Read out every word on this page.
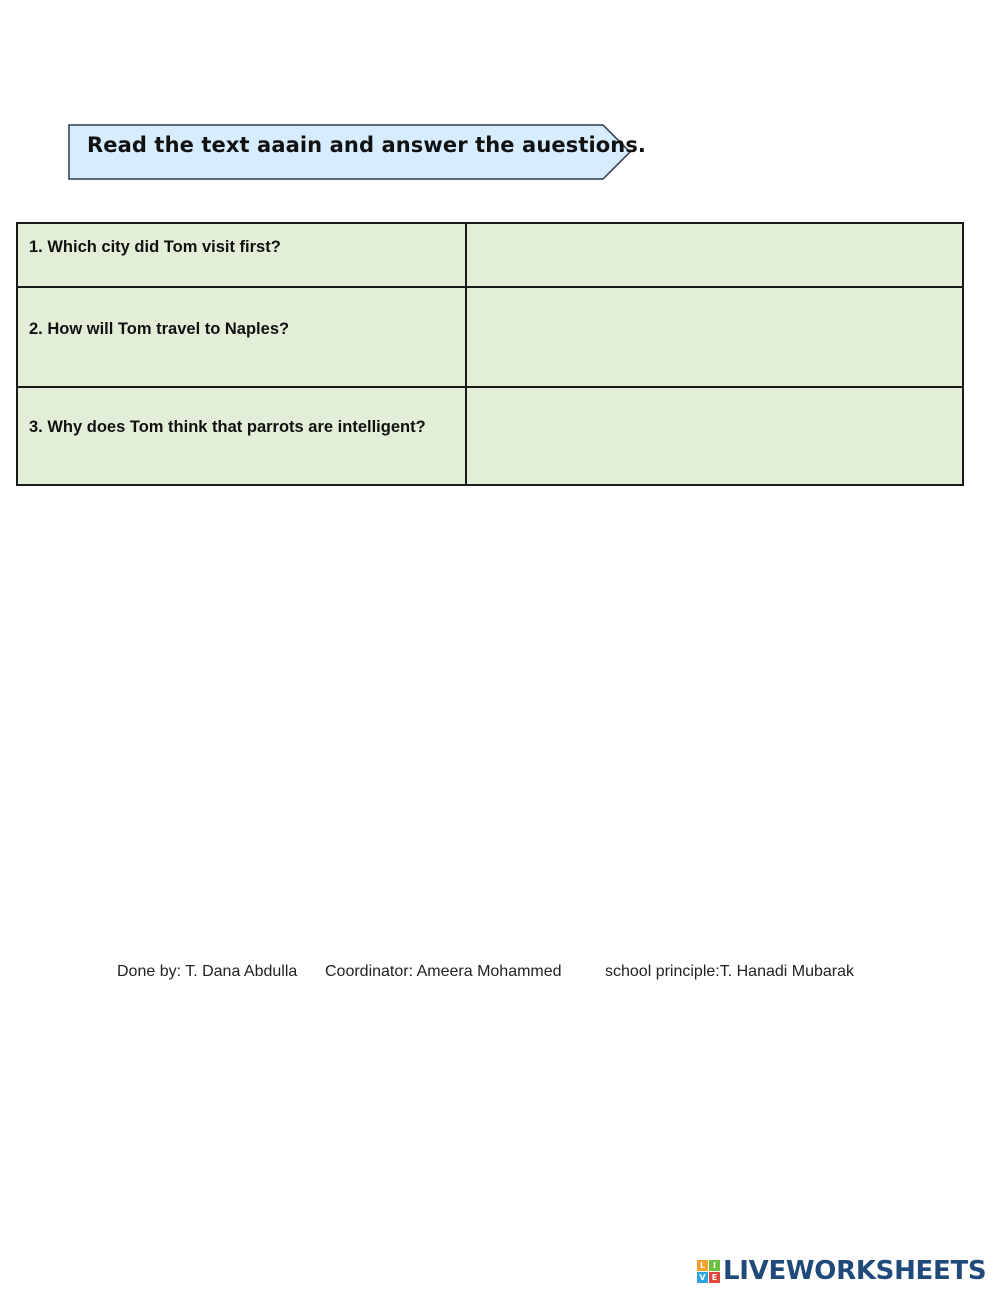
Read the text aaain and answer the auestions.
1. Which city did Tom visit first?	

2. How will Tom travel to Naples?	

3. Why does Tom think that parrots are intelligent?	

Done by: T. Dana Abdulla Coordinator: Ameera Mohammed	school principle:T. Hanadi Mubarak
L I
V E LIVEWORKSHEETS
